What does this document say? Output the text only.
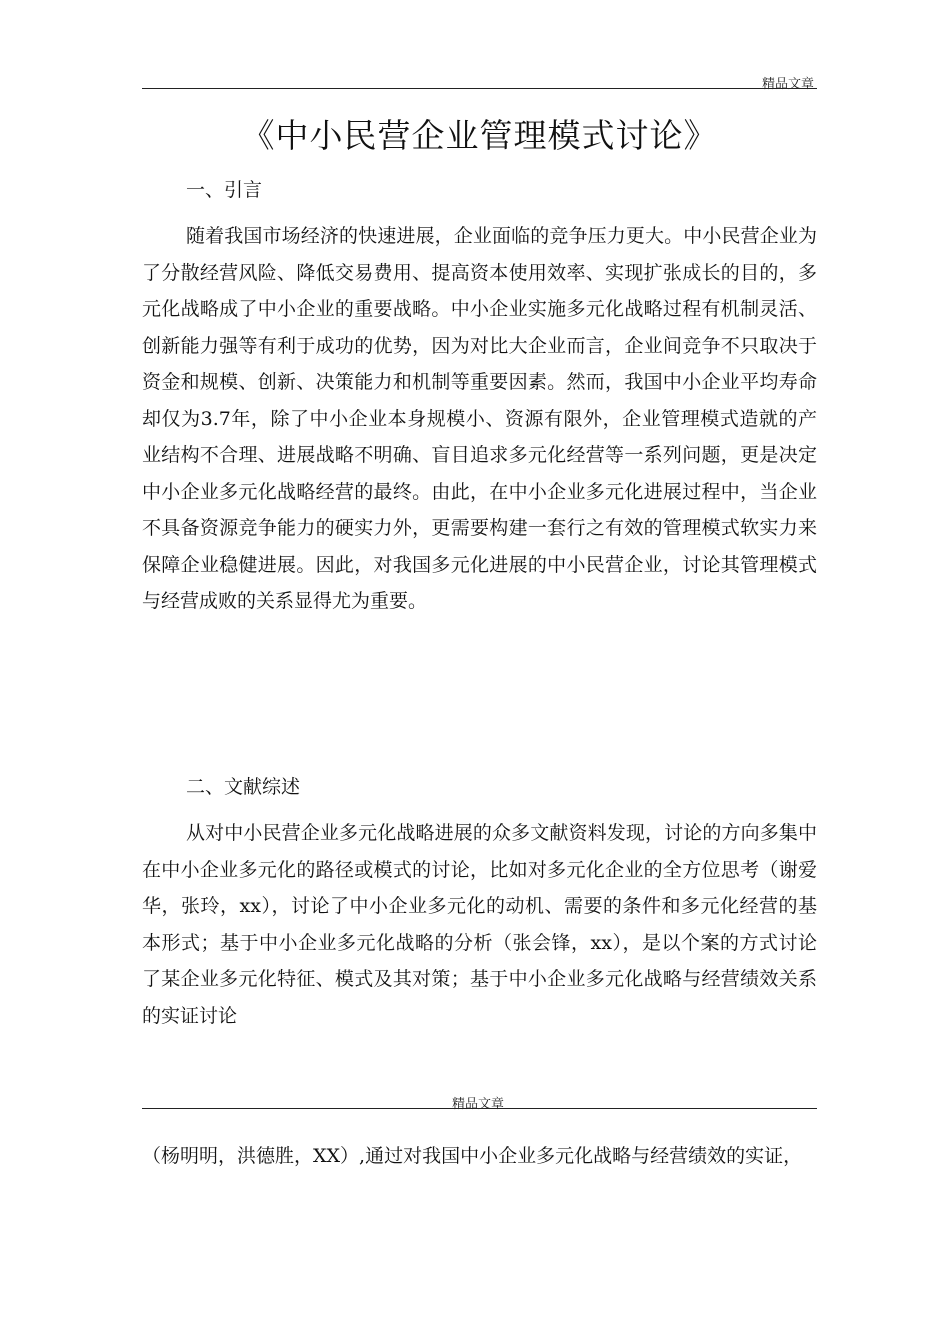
精品文章
《中小民营企业管理模式讨论》
一、引言

随着我国市场经济的快速进展，企业面临的竞争压力更大。中小民营企业为了分散经营风险、降低交易费用、提高资本使用效率、实现扩张成长的目的，多元化战略成了中小企业的重要战略。中小企业实施多元化战略过程有机制灵活、创新能力强等有利于成功的优势，因为对比大企业而言，企业间竞争不只取决于资金和规模、创新、决策能力和机制等重要因素。然而，我国中小企业平均寿命却仅为3.7年，除了中小企业本身规模小、资源有限外，企业管理模式造就的产业结构不合理、进展战略不明确、盲目追求多元化经营等一系列问题，更是决定中小企业多元化战略经营的最终。由此，在中小企业多元化进展过程中，当企业不具备资源竞争能力的硬实力外，更需要构建一套行之有效的管理模式软实力来保障企业稳健进展。因此，对我国多元化进展的中小民营企业，讨论其管理模式与经营成败的关系显得尤为重要。

二、文献综述

从对中小民营企业多元化战略进展的众多文献资料发现，讨论的方向多集中在中小企业多元化的路径或模式的讨论，比如对多元化企业的全方位思考（谢爱华，张玲，xx），讨论了中小企业多元化的动机、需要的条件和多元化经营的基本形式；基于中小企业多元化战略的分析（张会锋，xx），是以个案的方式讨论了某企业多元化特征、模式及其对策；基于中小企业多元化战略与经营绩效关系的实证讨论

精品文章

（杨明明，洪德胜，XX）,通过对我国中小企业多元化战略与经营绩效的实证，
